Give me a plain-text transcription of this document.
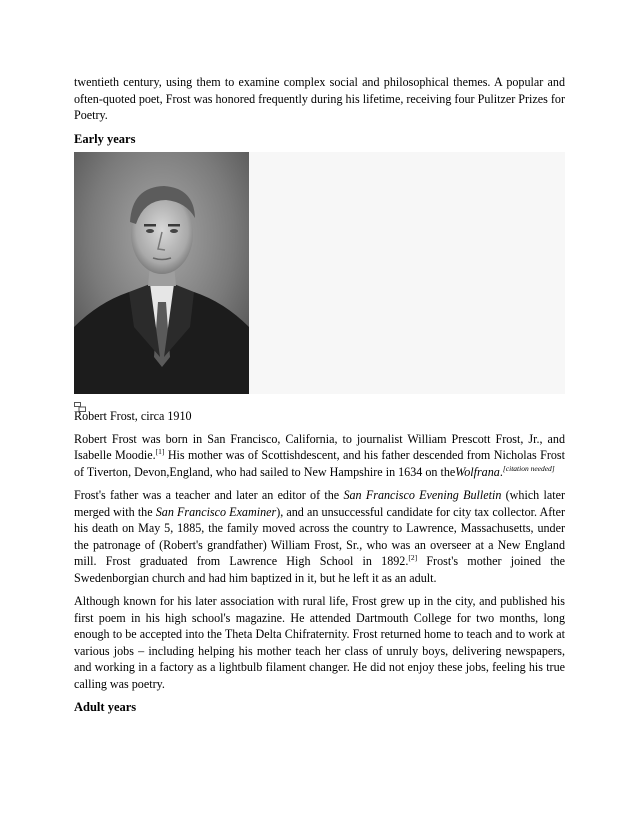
twentieth century, using them to examine complex social and philosophical themes. A popular and often-quoted poet, Frost was honored frequently during his lifetime, receiving four Pulitzer Prizes for Poetry.

Early years

Robert Frost, circa 1910

Robert Frost was born in San Francisco, California, to journalist William Prescott Frost, Jr., and Isabelle Moodie.[1] His mother was of Scottishdescent, and his father descended from Nicholas Frost of Tiverton, Devon,England, who had sailed to New Hampshire in 1634 on theWolfrana.[citation needed]

Frost's father was a teacher and later an editor of the San Francisco Evening Bulletin (which later merged with the San Francisco Examiner), and an unsuccessful candidate for city tax collector. After his death on May 5, 1885, the family moved across the country to Lawrence, Massachusetts, under the patronage of (Robert's grandfather) William Frost, Sr., who was an overseer at a New England mill. Frost graduated from Lawrence High School in 1892.[2] Frost's mother joined the Swedenborgian church and had him baptized in it, but he left it as an adult.

Although known for his later association with rural life, Frost grew up in the city, and published his first poem in his high school's magazine. He attended Dartmouth College for two months, long enough to be accepted into the Theta Delta Chifraternity. Frost returned home to teach and to work at various jobs – including helping his mother teach her class of unruly boys, delivering newspapers, and working in a factory as a lightbulb filament changer. He did not enjoy these jobs, feeling his true calling was poetry.

Adult years
